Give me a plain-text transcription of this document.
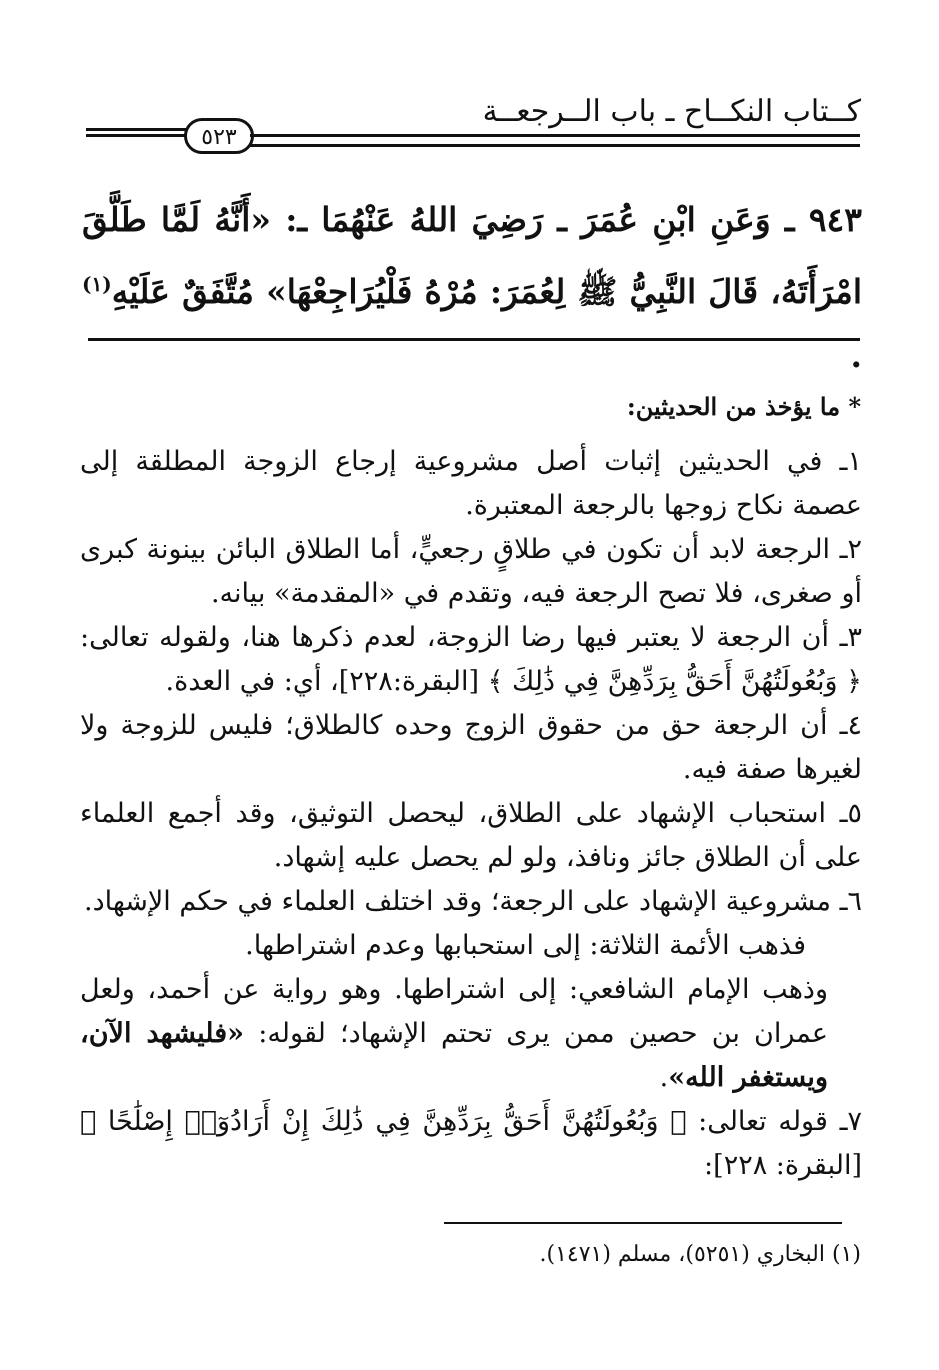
كــتاب النكــاح ـ باب الــرجعــة
٥٢٣
٩٤٣ ـ وَعَنِ ابْنِ عُمَرَ ـ رَضِيَ اللهُ عَنْهُمَا ـ: «أَنَّهُ لَمَّا طَلَّقَ امْرَأَتَهُ، قَالَ النَّبِيُّ ﷺ لِعُمَرَ: مُرْهُ فَلْيُرَاجِعْهَا» مُتَّفَقٌ عَلَيْهِ$^{(١)}$ .
* ما يؤخذ من الحديثين:

١ـ في الحديثين إثبات أصل مشروعية إرجاع الزوجة المطلقة إلى عصمة نكاح زوجها بالرجعة المعتبرة.

٢ـ الرجعة لابد أن تكون في طلاقٍ رجعيٍّ، أما الطلاق البائن بينونة كبرى أو صغرى، فلا تصح الرجعة فيه، وتقدم في «المقدمة» بيانه.

٣ـ أن الرجعة لا يعتبر فيها رضا الزوجة، لعدم ذكرها هنا، ولقوله تعالى: ﴿ وَبُعُولَتُهُنَّ أَحَقُّ بِرَدِّهِنَّ فِي ذَٰلِكَ ﴾ [البقرة:٢٢٨]، أي: في العدة.

٤ـ أن الرجعة حق من حقوق الزوج وحده كالطلاق؛ فليس للزوجة ولا لغيرها صفة فيه.

٥ـ استحباب الإشهاد على الطلاق، ليحصل التوثيق، وقد أجمع العلماء على أن الطلاق جائز ونافذ، ولو لم يحصل عليه إشهاد.

٦ـ مشروعية الإشهاد على الرجعة؛ وقد اختلف العلماء في حكم الإشهاد.

فذهب الأئمة الثلاثة: إلى استحبابها وعدم اشتراطها.

وذهب الإمام الشافعي: إلى اشتراطها. وهو رواية عن أحمد، ولعل عمران بن حصين ممن يرى تحتم الإشهاد؛ لقوله: «فليشهد الآن، ويستغفر الله».

٧ـ قوله تعالى: ﴿ وَبُعُولَتُهُنَّ أَحَقُّ بِرَدِّهِنَّ فِي ذَٰلِكَ إِنْ أَرَادُوٓا۟ إِصْلَٰحًا ﴾ [البقرة: ٢٢٨]:

(١) البخاري (٥٢٥١)، مسلم (١٤٧١).
